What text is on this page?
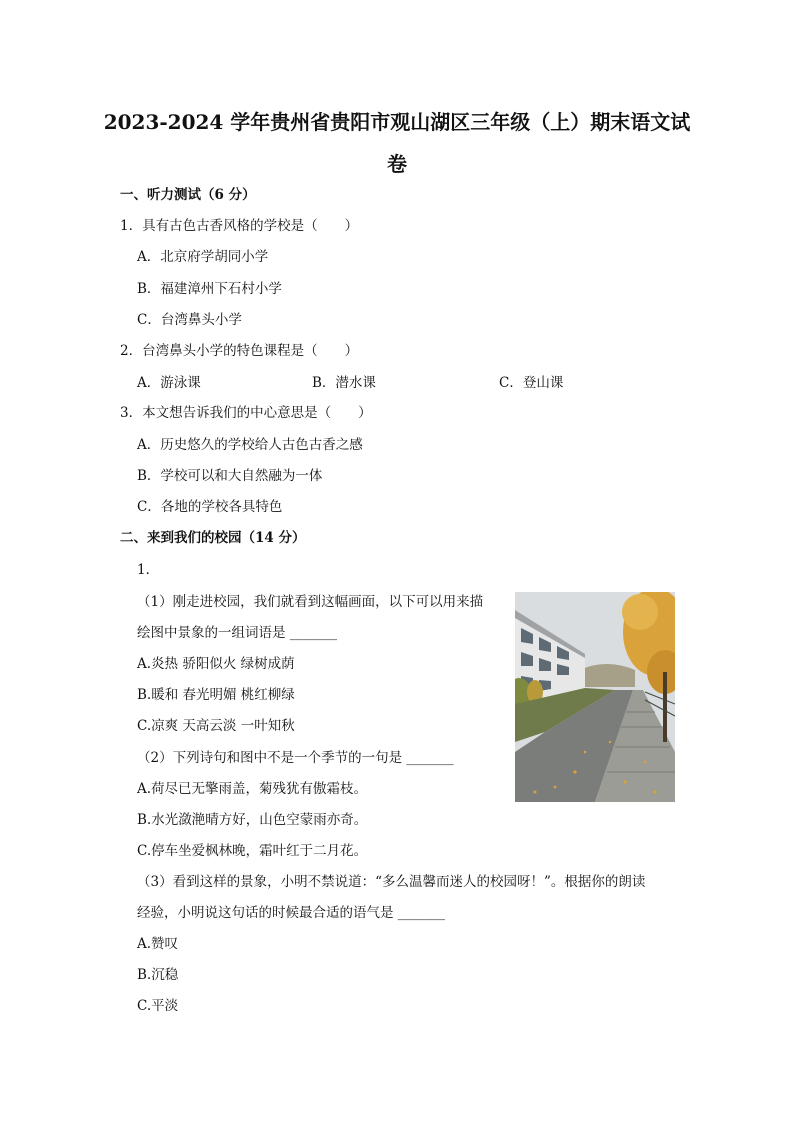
2023-2024 学年贵州省贵阳市观山湖区三年级（上）期末语文试
卷
一、听力测试（6 分）
1．具有古色古香风格的学校是（　　）
A．北京府学胡同小学
B．福建漳州下石村小学
C．台湾鼻头小学
2．台湾鼻头小学的特色课程是（　　）
A．游泳课	B．潜水课	C．登山课
3．本文想告诉我们的中心意思是（　　）
A．历史悠久的学校给人古色古香之感
B．学校可以和大自然融为一体
C．各地的学校各具特色
二、来到我们的校园（14 分）
1．
（1）刚走进校园，我们就看到这幅画面，以下可以用来描
绘图中景象的一组词语是 _______
A.炎热 骄阳似火 绿树成荫
B.暖和 春光明媚 桃红柳绿
C.凉爽 天高云淡 一叶知秋
（2）下列诗句和图中不是一个季节的一句是 _______
A.荷尽已无擎雨盖，菊残犹有傲霜枝。
B.水光潋滟晴方好，山色空蒙雨亦奇。
C.停车坐爱枫林晚，霜叶红于二月花。
（3）看到这样的景象，小明不禁说道：“多么温馨而迷人的校园呀！”。根据你的朗读
经验，小明说这句话的时候最合适的语气是 _______
A.赞叹
B.沉稳
C.平淡
